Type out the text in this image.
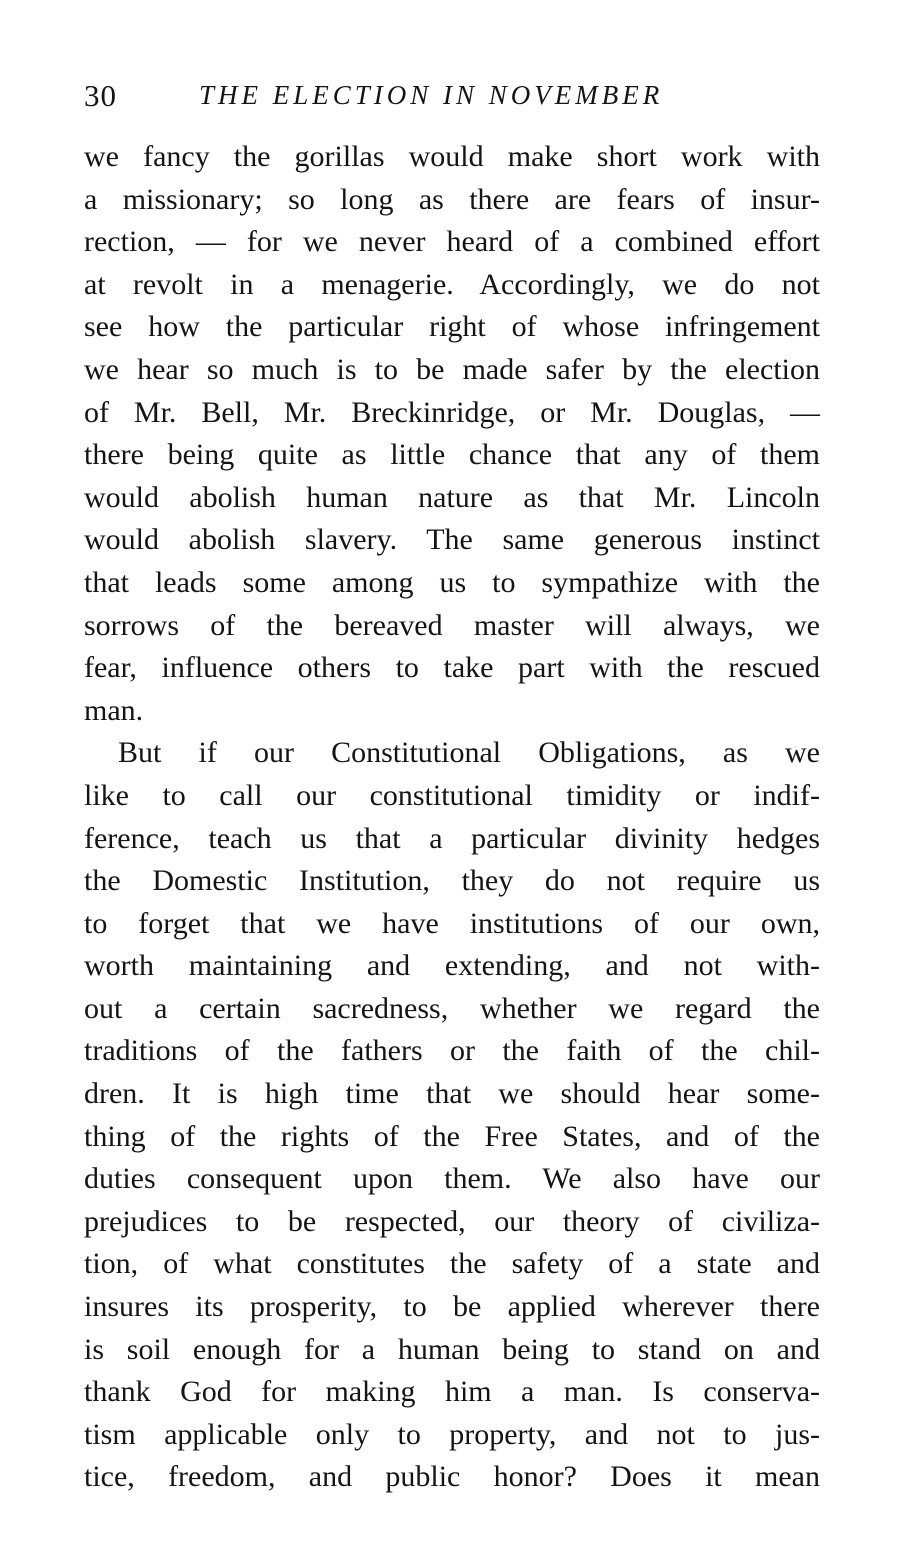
30	THE ELECTION IN NOVEMBER
we fancy the gorillas would make short work with
a missionary; so long as there are fears of insur-
rection, — for we never heard of a combined effort
at revolt in a menagerie. Accordingly, we do not
see how the particular right of whose infringement
we hear so much is to be made safer by the election
of Mr. Bell, Mr. Breckinridge, or Mr. Douglas, —
there being quite as little chance that any of them
would abolish human nature as that Mr. Lincoln
would abolish slavery. The same generous instinct
that leads some among us to sympathize with the
sorrows of the bereaved master will always, we
fear, influence others to take part with the rescued
man.
But if our Constitutional Obligations, as we
like to call our constitutional timidity or indif-
ference, teach us that a particular divinity hedges
the Domestic Institution, they do not require us
to forget that we have institutions of our own,
worth maintaining and extending, and not with-
out a certain sacredness, whether we regard the
traditions of the fathers or the faith of the chil-
dren. It is high time that we should hear some-
thing of the rights of the Free States, and of the
duties consequent upon them. We also have our
prejudices to be respected, our theory of civiliza-
tion, of what constitutes the safety of a state and
insures its prosperity, to be applied wherever there
is soil enough for a human being to stand on and
thank God for making him a man. Is conserva-
tism applicable only to property, and not to jus-
tice, freedom, and public honor? Does it mean
